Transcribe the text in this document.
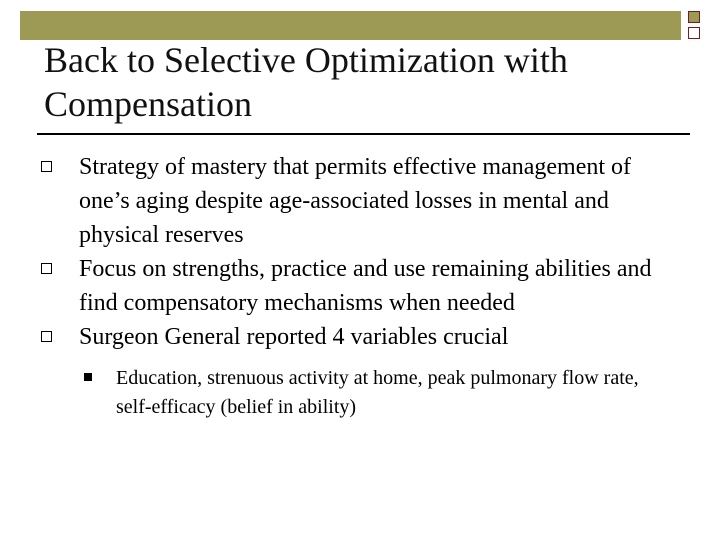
Back to Selective Optimization with Compensation
Strategy of mastery that permits effective management of one’s aging despite age-associated losses in mental and physical reserves
Focus on strengths, practice and use remaining abilities and find compensatory mechanisms when needed
Surgeon General reported 4 variables crucial
Education, strenuous activity at home, peak pulmonary flow rate, self-efficacy (belief in ability)
